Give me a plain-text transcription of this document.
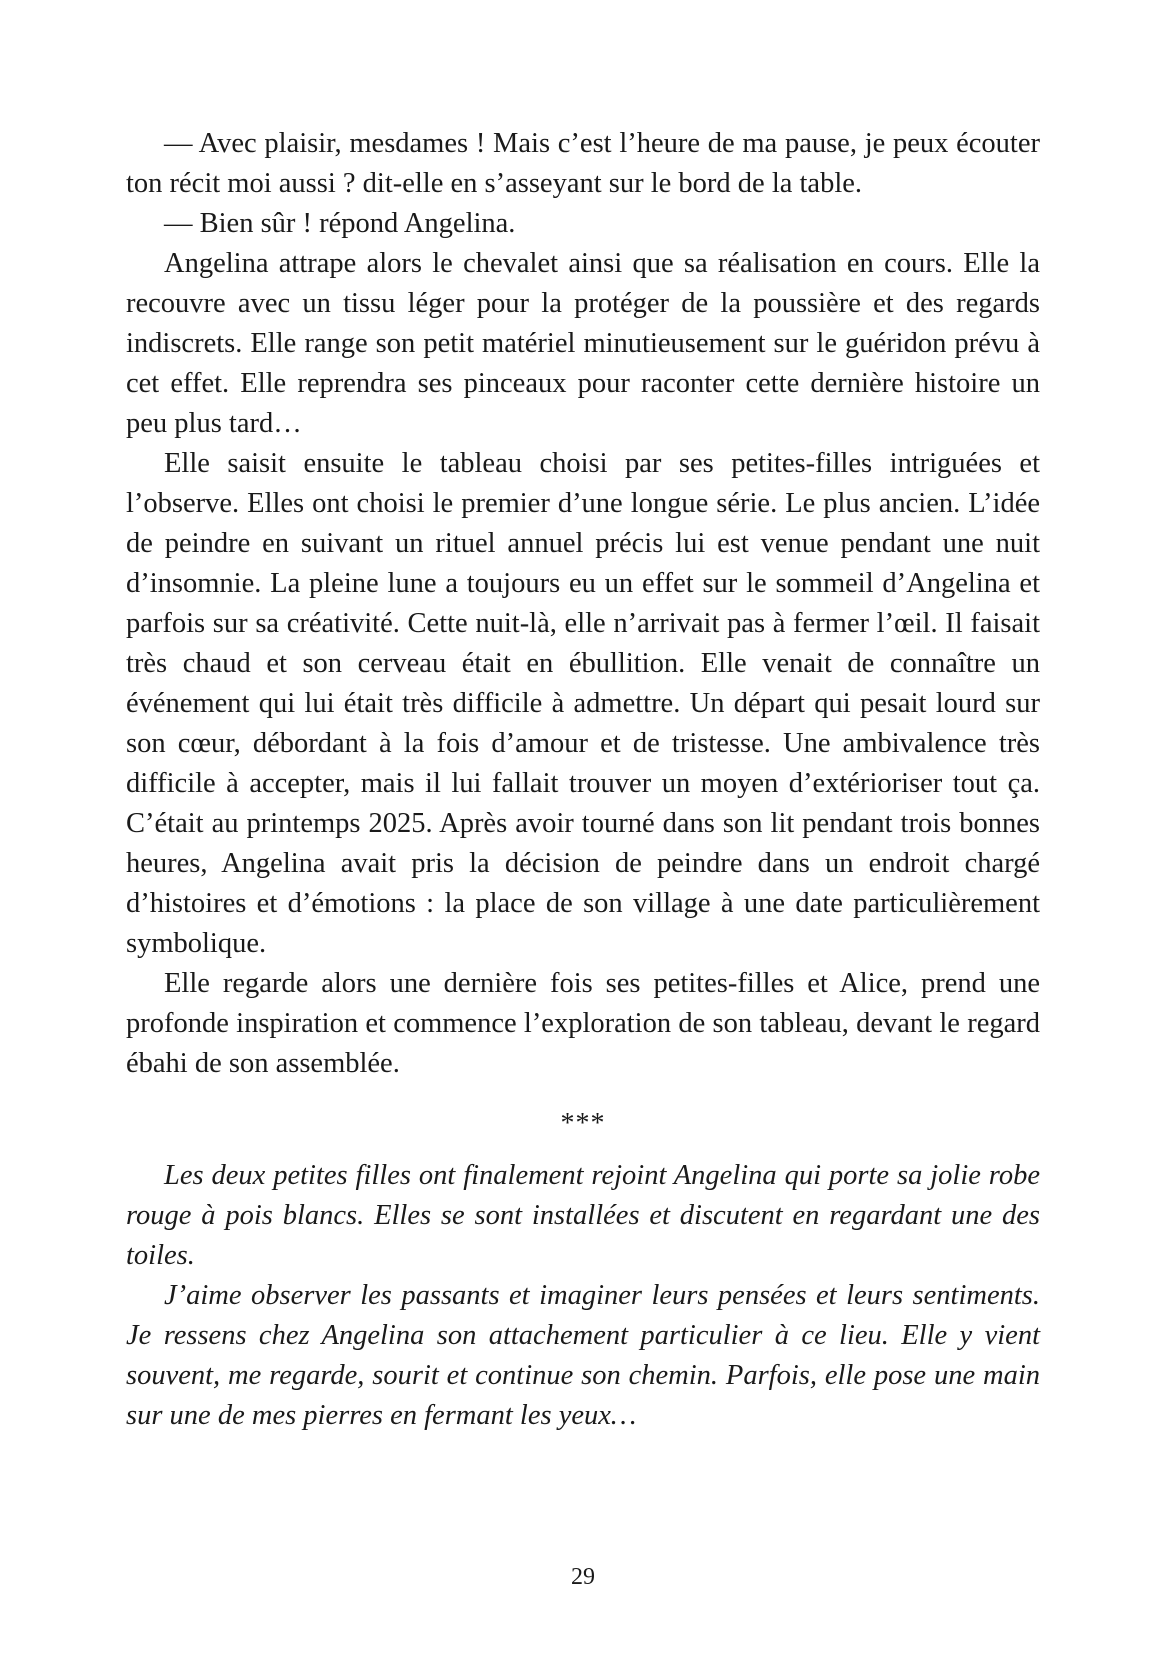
— Avec plaisir, mesdames ! Mais c’est l’heure de ma pause, je peux écouter ton récit moi aussi ? dit-elle en s’asseyant sur le bord de la table.

— Bien sûr ! répond Angelina.

Angelina attrape alors le chevalet ainsi que sa réalisation en cours. Elle la recouvre avec un tissu léger pour la protéger de la poussière et des regards indiscrets. Elle range son petit matériel minutieusement sur le guéridon prévu à cet effet. Elle reprendra ses pinceaux pour raconter cette dernière histoire un peu plus tard…

Elle saisit ensuite le tableau choisi par ses petites-filles intriguées et l’observe. Elles ont choisi le premier d’une longue série. Le plus ancien. L’idée de peindre en suivant un rituel annuel précis lui est venue pendant une nuit d’insomnie. La pleine lune a toujours eu un effet sur le sommeil d’Angelina et parfois sur sa créativité. Cette nuit-là, elle n’arrivait pas à fermer l’œil. Il faisait très chaud et son cerveau était en ébullition. Elle venait de connaître un événement qui lui était très difficile à admettre. Un départ qui pesait lourd sur son cœur, débordant à la fois d’amour et de tristesse. Une ambivalence très difficile à accepter, mais il lui fallait trouver un moyen d’extérioriser tout ça. C’était au printemps 2025. Après avoir tourné dans son lit pendant trois bonnes heures, Angelina avait pris la décision de peindre dans un endroit chargé d’histoires et d’émotions : la place de son village à une date particulièrement symbolique.

Elle regarde alors une dernière fois ses petites-filles et Alice, prend une profonde inspiration et commence l’exploration de son tableau, devant le regard ébahi de son assemblée.

***

Les deux petites filles ont finalement rejoint Angelina qui porte sa jolie robe rouge à pois blancs. Elles se sont installées et discutent en regardant une des toiles.

J’aime observer les passants et imaginer leurs pensées et leurs sentiments. Je ressens chez Angelina son attachement particulier à ce lieu. Elle y vient souvent, me regarde, sourit et continue son chemin. Parfois, elle pose une main sur une de mes pierres en fermant les yeux…

29
